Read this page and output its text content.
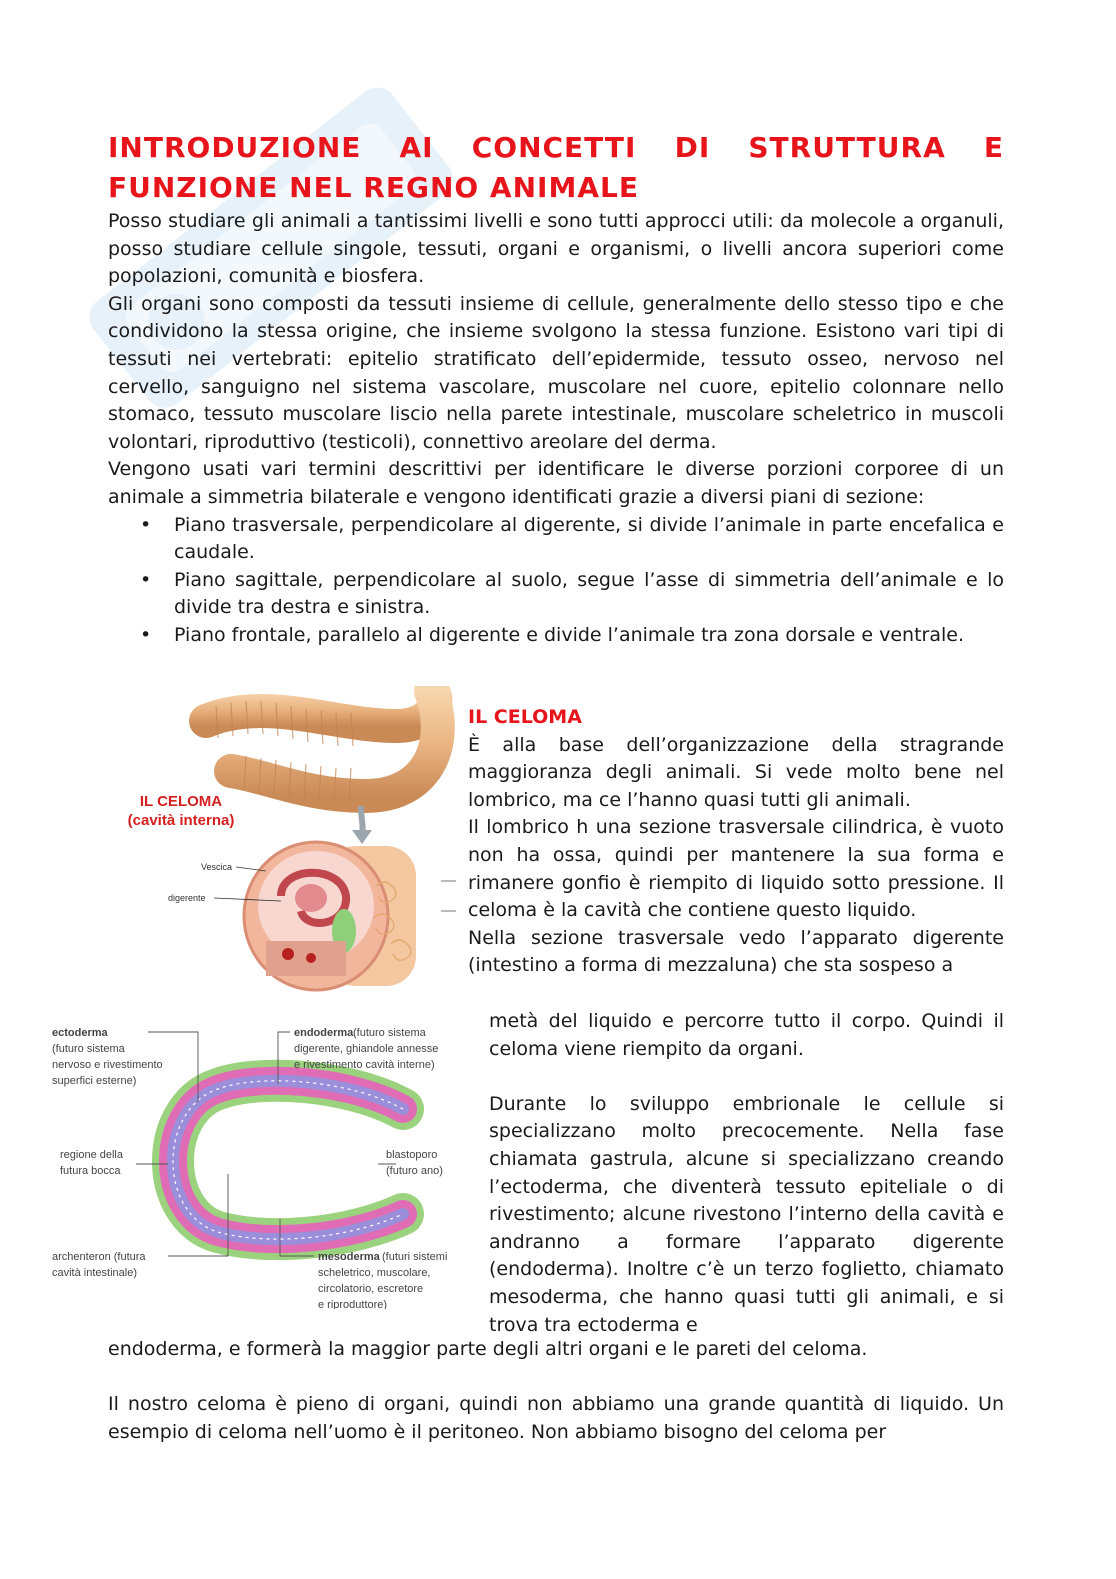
INTRODUZIONE AI CONCETTI DI STRUTTURA E
FUNZIONE NEL REGNO ANIMALE

Posso studiare gli animali a tantissimi livelli e sono tutti approcci utili: da molecole a organuli, posso studiare cellule singole, tessuti, organi e organismi, o livelli ancora superiori come popolazioni, comunità e biosfera.

Gli organi sono composti da tessuti insieme di cellule, generalmente dello stesso tipo e che condividono la stessa origine, che insieme svolgono la stessa funzione. Esistono vari tipi di tessuti nei vertebrati: epitelio stratificato dell’epidermide, tessuto osseo, nervoso nel cervello, sanguigno nel sistema vascolare, muscolare nel cuore, epitelio colonnare nello stomaco, tessuto muscolare liscio nella parete intestinale, muscolare scheletrico in muscoli volontari, riproduttivo (testicoli), connettivo areolare del derma.

Vengono usati vari termini descrittivi per identificare le diverse porzioni corporee di un animale a simmetria bilaterale e vengono identificati grazie a diversi piani di sezione:

• Piano trasversale, perpendicolare al digerente, si divide l’animale in parte encefalica e caudale.
• Piano sagittale, perpendicolare al suolo, segue l’asse di simmetria dell’animale e lo divide tra destra e sinistra.
• Piano frontale, parallelo al digerente e divide l’animale tra zona dorsale e ventrale.
IL CELOMA
(cavità interna)
Vescica
digerente
ectoderma
(futuro sistema
nervoso e rivestimento
superfici esterne)
endoderma (futuro sistema
digerente, ghiandole annesse
e rivestimento cavità interne)
regione della
futura bocca
blastoporo
(futuro ano)
archenteron (futura
cavità intestinale)
mesoderma (futuri sistemi
scheletrico, muscolare,
circolatorio, escretore
e riproduttore)

IL CELOMA

È alla base dell’organizzazione della stragrande maggioranza degli animali. Si vede molto bene nel lombrico, ma ce l’hanno quasi tutti gli animali.

Il lombrico h una sezione trasversale cilindrica, è vuoto non ha ossa, quindi per mantenere la sua forma e rimanere gonfio è riempito di liquido sotto pressione. Il celoma è la cavità che contiene questo liquido.

Nella sezione trasversale vedo l’apparato digerente (intestino a forma di mezzaluna) che sta sospeso a

metà del liquido e percorre tutto il corpo. Quindi il celoma viene riempito da organi.

Durante lo sviluppo embrionale le cellule si specializzano molto precocemente. Nella fase chiamata gastrula, alcune si specializzano creando l’ectoderma, che diventerà tessuto epiteliale o di rivestimento; alcune rivestono l’interno della cavità e andranno a formare l’apparato digerente (endoderma). Inoltre c’è un terzo foglietto, chiamato mesoderma, che hanno quasi tutti gli animali, e si trova tra ectoderma e

endoderma, e formerà la maggior parte degli altri organi e le pareti del celoma.

Il nostro celoma è pieno di organi, quindi non abbiamo una grande quantità di liquido. Un esempio di celoma nell’uomo è il peritoneo. Non abbiamo bisogno del celoma per
